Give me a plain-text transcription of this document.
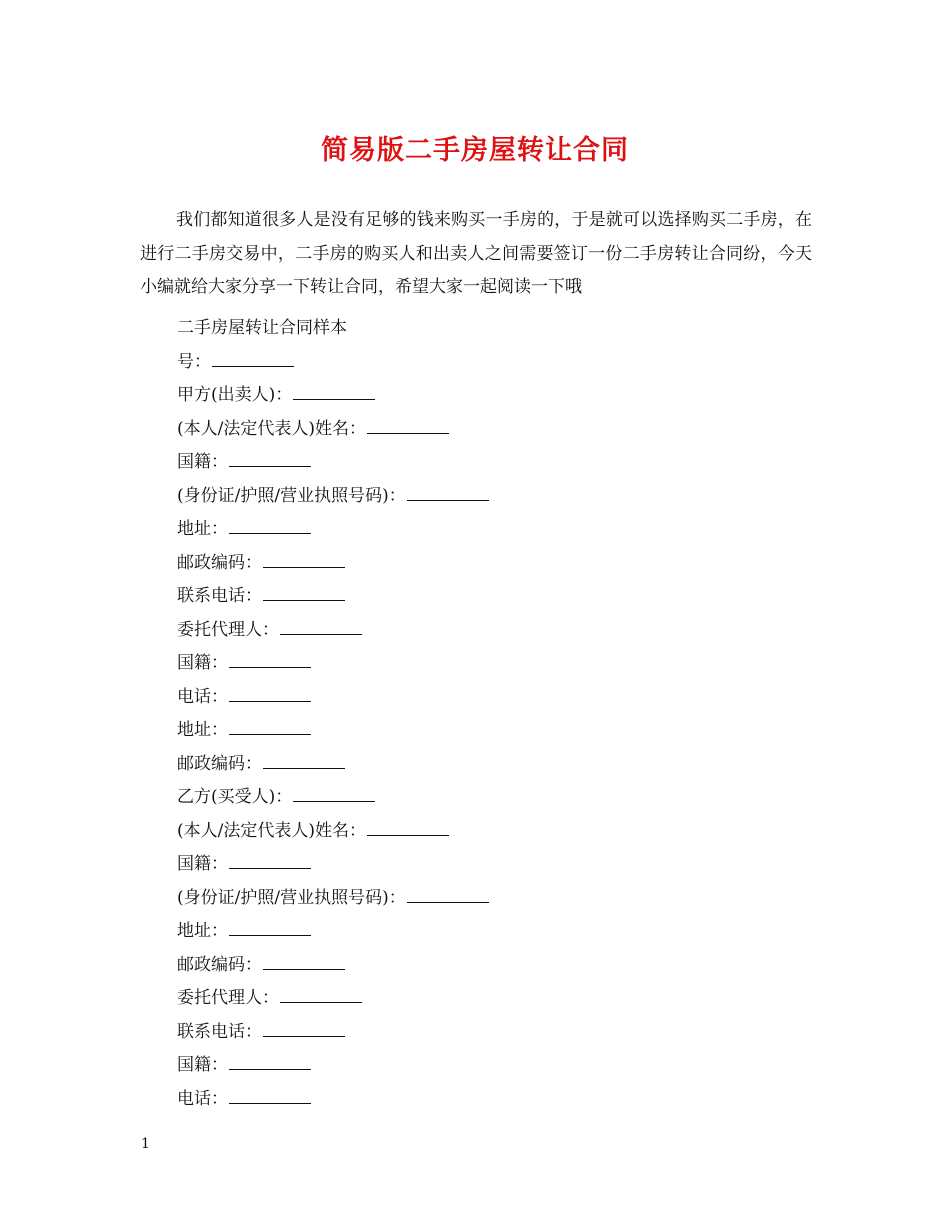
简易版二手房屋转让合同

我们都知道很多人是没有足够的钱来购买一手房的，于是就可以选择购买二手房，在进行二手房交易中，二手房的购买人和出卖人之间需要签订一份二手房转让合同纷，今天小编就给大家分享一下转让合同，希望大家一起阅读一下哦

二手房屋转让合同样本
号：
甲方(出卖人)：
(本人/法定代表人)姓名：
国籍：
(身份证/护照/营业执照号码)：
地址：
邮政编码：
联系电话：
委托代理人：
国籍：
电话：
地址：
邮政编码：
乙方(买受人)：
(本人/法定代表人)姓名：
国籍：
(身份证/护照/营业执照号码)：
地址：
邮政编码：
委托代理人：
联系电话：
国籍：
电话：
1
